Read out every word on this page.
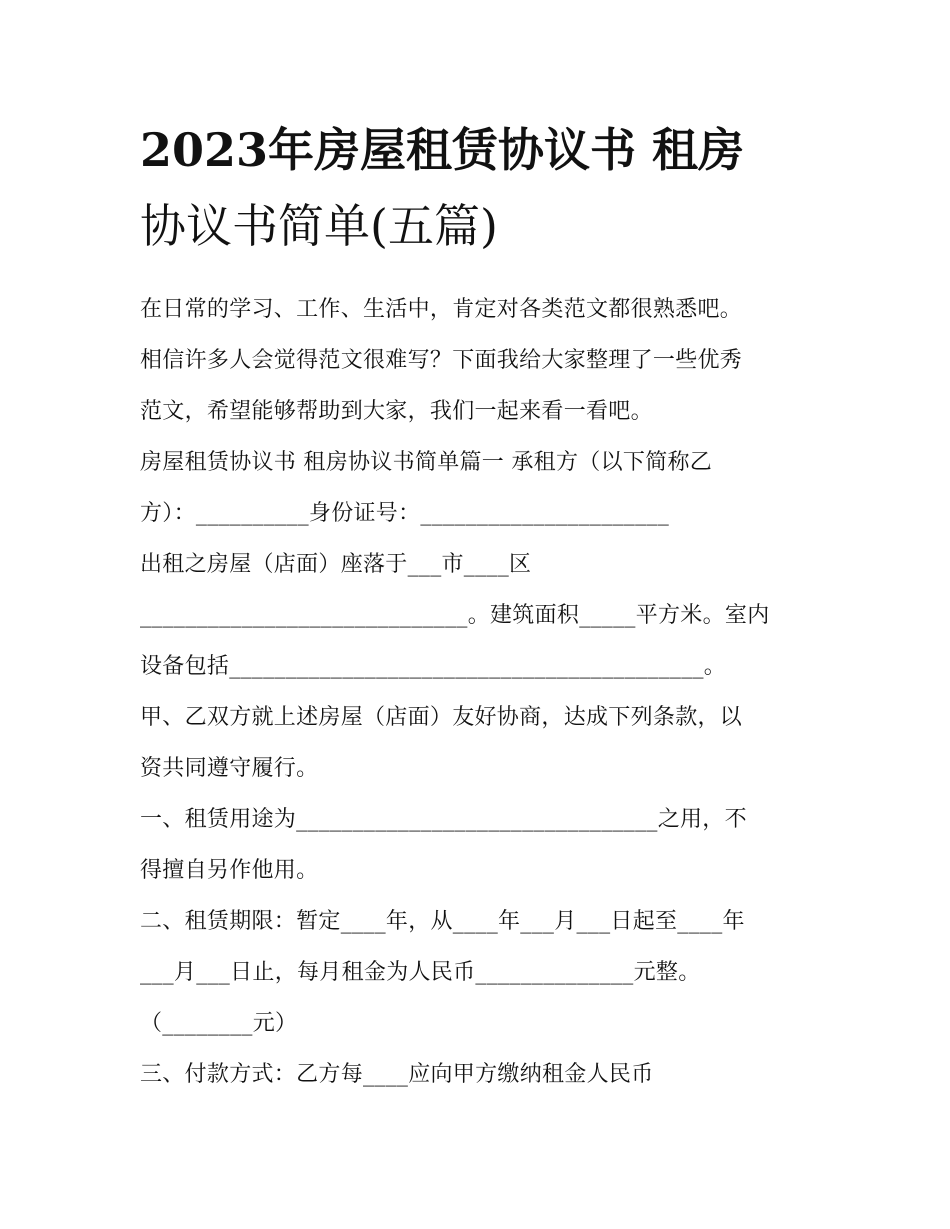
2023年房屋租赁协议书 租房
协议书简单(五篇)
在日常的学习、工作、生活中，肯定对各类范文都很熟悉吧。
相信许多人会觉得范文很难写？下面我给大家整理了一些优秀
范文，希望能够帮助到大家，我们一起来看一看吧。
房屋租赁协议书 租房协议书简单篇一 承租方（以下简称乙
方）：__________身份证号：______________________
出租之房屋（店面）座落于___市____区
_____________________________。建筑面积_____平方米。室内
设备包括__________________________________________。
甲、乙双方就上述房屋（店面）友好协商，达成下列条款，以
资共同遵守履行。
一、租赁用途为________________________________之用，不
得擅自另作他用。
二、租赁期限：暂定____年，从____年___月___日起至____年
___月___日止，每月租金为人民币______________元整。
（________元）
三、付款方式：乙方每____应向甲方缴纳租金人民币
